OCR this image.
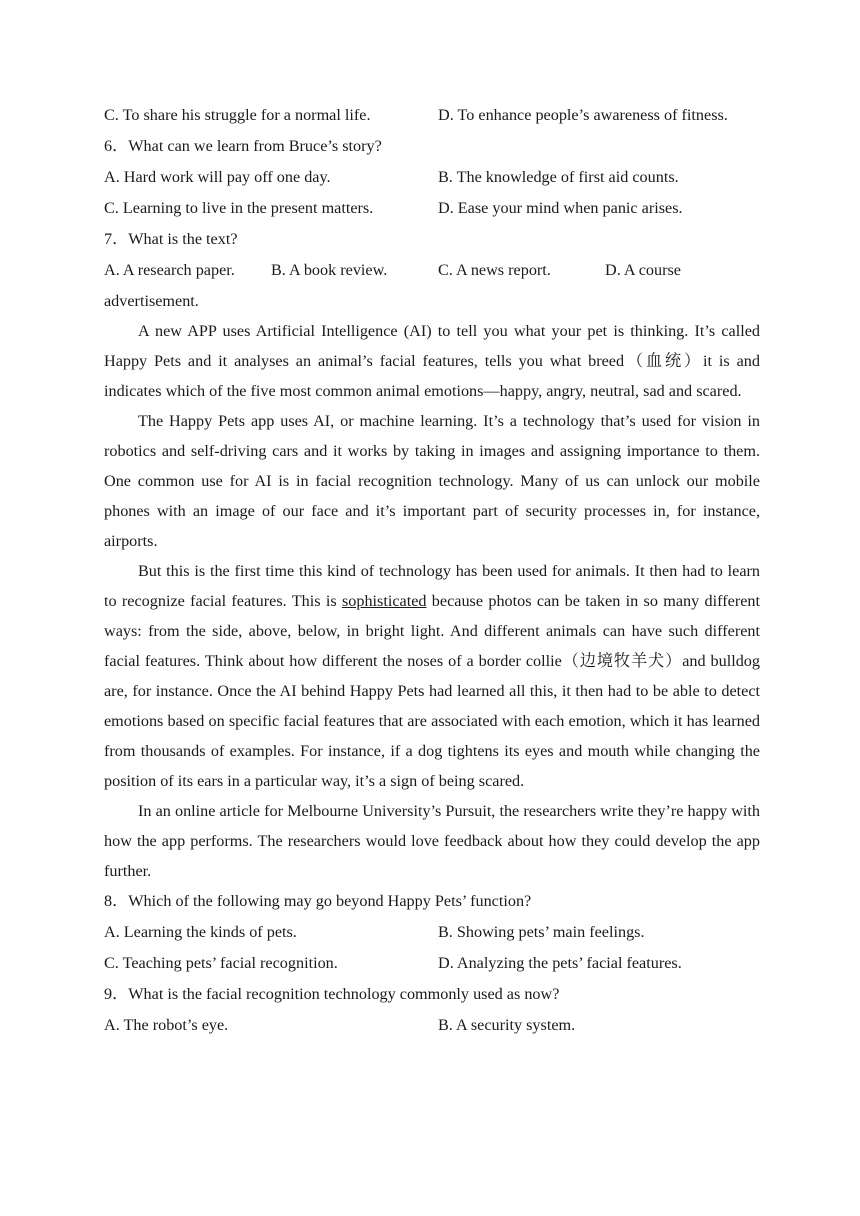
C. To share his struggle for a normal life.	D. To enhance people’s awareness of fitness.
6．What can we learn from Bruce’s story?
A. Hard work will pay off one day.	B. The knowledge of first aid counts.
C. Learning to live in the present matters.	D. Ease your mind when panic arises.
7．What is the text?
A. A research paper. B. A book review.	C. A news report.	D. A course
advertisement.

A new APP uses Artificial Intelligence (AI) to tell you what your pet is thinking. It’s called Happy Pets and it analyses an animal’s facial features, tells you what breed（血统）it is and indicates which of the five most common animal emotions—happy, angry, neutral, sad and scared.

The Happy Pets app uses AI, or machine learning. It’s a technology that’s used for vision in robotics and self-driving cars and it works by taking in images and assigning importance to them. One common use for AI is in facial recognition technology. Many of us can unlock our mobile phones with an image of our face and it’s important part of security processes in, for instance, airports.

But this is the first time this kind of technology has been used for animals. It then had to learn to recognize facial features. This is sophisticated because photos can be taken in so many different ways: from the side, above, below, in bright light. And different animals can have such different facial features. Think about how different the noses of a border collie（边境牧羊犬）and bulldog are, for instance. Once the AI behind Happy Pets had learned all this, it then had to be able to detect emotions based on specific facial features that are associated with each emotion, which it has learned from thousands of examples. For instance, if a dog tightens its eyes and mouth while changing the position of its ears in a particular way, it’s a sign of being scared.

In an online article for Melbourne University’s Pursuit, the researchers write they’re happy with how the app performs. The researchers would love feedback about how they could develop the app further.

8．Which of the following may go beyond Happy Pets’ function?
A. Learning the kinds of pets.	B. Showing pets’ main feelings.
C. Teaching pets’ facial recognition.	D. Analyzing the pets’ facial features.
9．What is the facial recognition technology commonly used as now?
A. The robot’s eye.	B. A security system.
